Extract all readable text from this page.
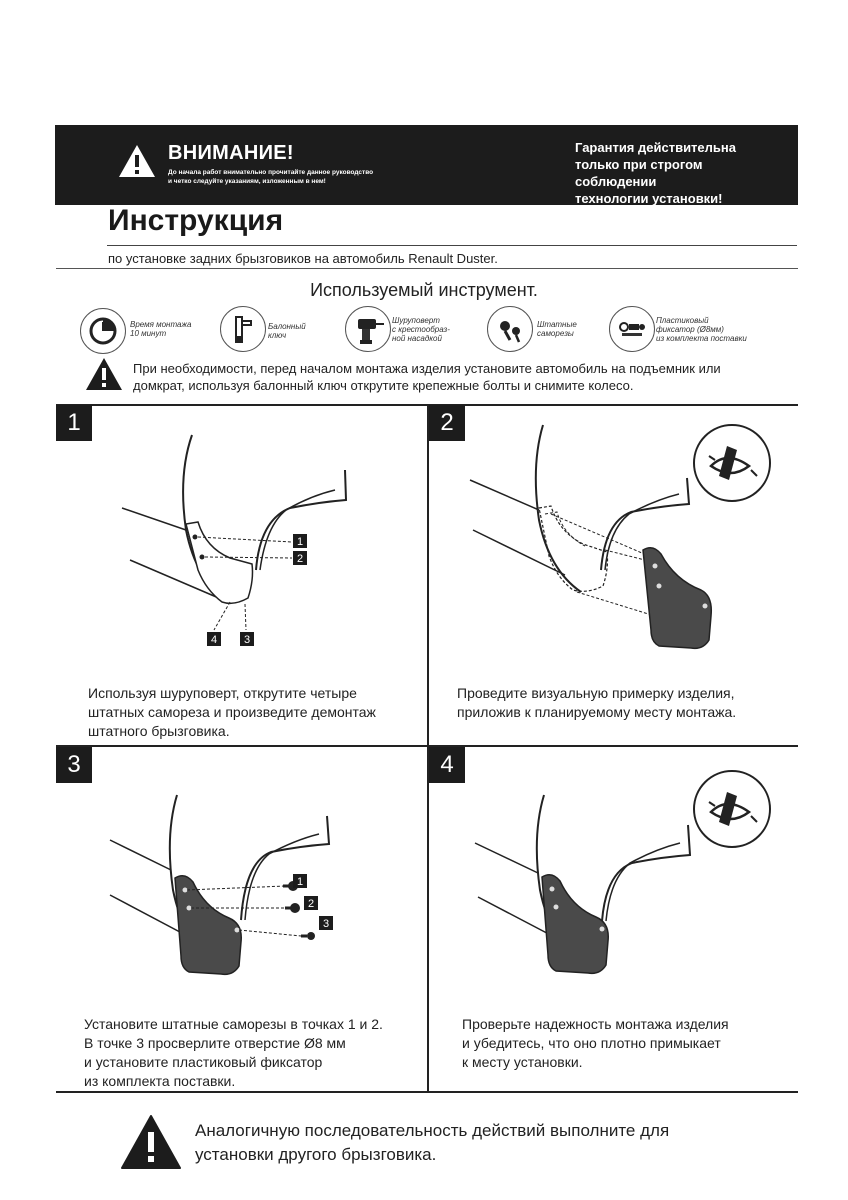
ВНИМАНИЕ!
До начала работ внимательно прочитайте данное руководство
и четко следуйте указаниям, изложенным в нем!
Гарантия действительна
только при строгом соблюдении
технологии установки!
Инструкция
по установке задних брызговиков на автомобиль Renault Duster.
Используемый инструмент.
Время монтажа
10 минут
Балонный
ключ
Шуруповерт
с крестообраз-
ной насадкой
Штатные
саморезы
Пластиковый
фиксатор (Ø8мм)
из комплекта поставки
При необходимости, перед началом монтажа изделия установите автомобиль на подъемник или
домкрат, используя балонный ключ открутите крепежные болты и снимите колесо.
1	2
3	4
1
2
4 3
Используя шуруповерт, открутите четыре
штатных самореза и произведите демонтаж
штатного брызговика.
Проведите визуальную примерку изделия,
приложив к планируемому месту монтажа.
1
2
3
Установите штатные саморезы в точках 1 и 2.
В точке 3 просверлите отверстие Ø8 мм
и установите пластиковый фиксатор
из комплекта поставки.
Проверьте надежность монтажа изделия
и убедитесь, что оно плотно примыкает
к месту установки.
Аналогичную последовательность действий выполните для
установки другого брызговика.
